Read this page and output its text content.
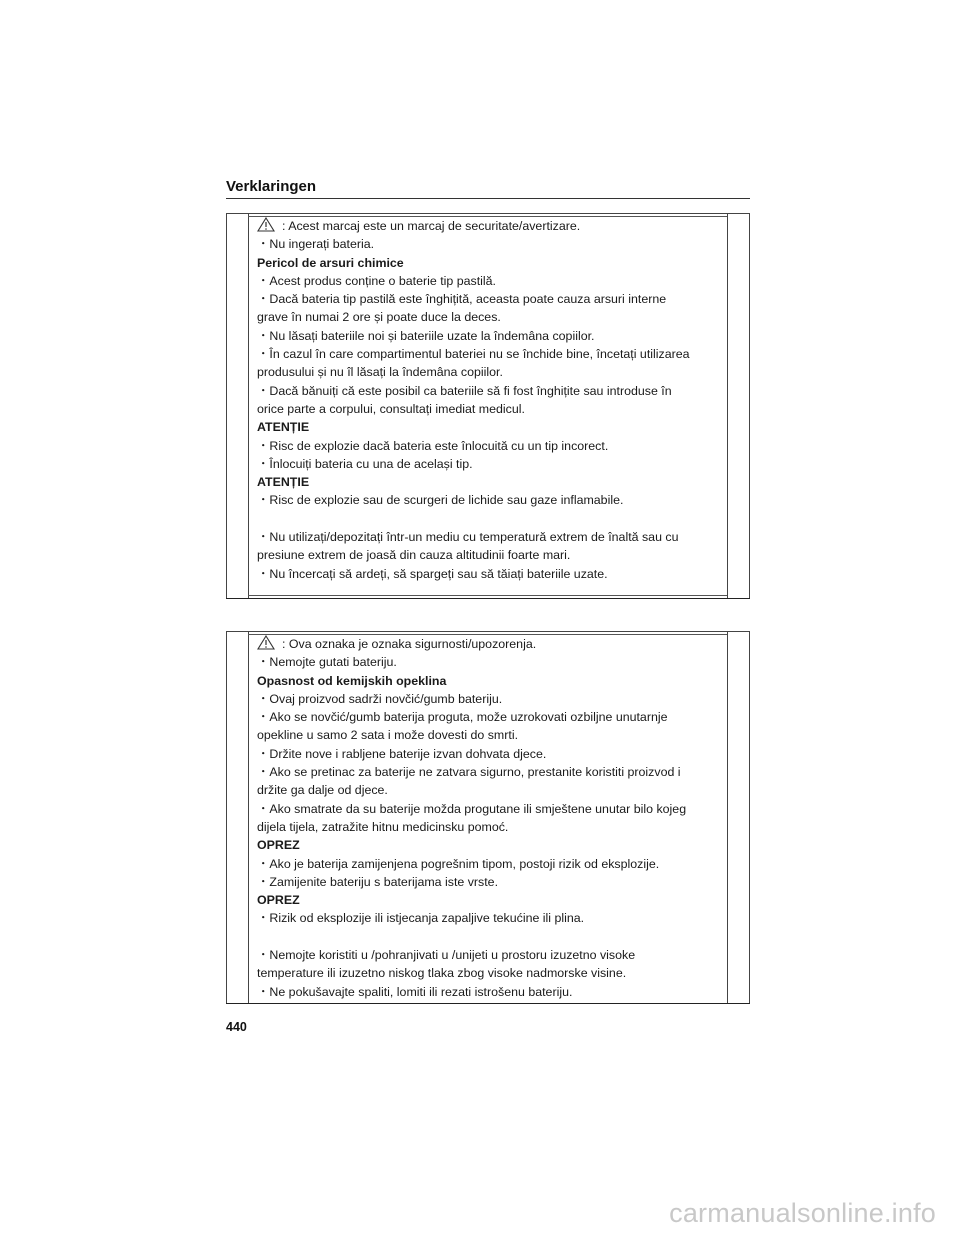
Verklaringen
: Acest marcaj este un marcaj de securitate/avertizare.
・Nu ingerați bateria.
Pericol de arsuri chimice
・Acest produs conține o baterie tip pastilă.
・Dacă bateria tip pastilă este înghițită, aceasta poate cauza arsuri interne
grave în numai 2 ore și poate duce la deces.
・Nu lăsați bateriile noi și bateriile uzate la îndemâna copiilor.
・În cazul în care compartimentul bateriei nu se închide bine, încetați utilizarea
produsului și nu îl lăsați la îndemâna copiilor.
・Dacă bănuiți că este posibil ca bateriile să fi fost înghițite sau introduse în
orice parte a corpului, consultați imediat medicul.
ATENȚIE
・Risc de explozie dacă bateria este înlocuită cu un tip incorect.
・Înlocuiți bateria cu una de același tip.
ATENȚIE
・Risc de explozie sau de scurgeri de lichide sau gaze inflamabile.
・Nu utilizați/depozitați într-un mediu cu temperatură extrem de înaltă sau cu
presiune extrem de joasă din cauza altitudinii foarte mari.
・Nu încercați să ardeți, să spargeți sau să tăiați bateriile uzate.
: Ova oznaka je oznaka sigurnosti/upozorenja.
・Nemojte gutati bateriju.
Opasnost od kemijskih opeklina
・Ovaj proizvod sadrži novčić/gumb bateriju.
・Ako se novčić/gumb baterija proguta, može uzrokovati ozbiljne unutarnje
opekline u samo 2 sata i može dovesti do smrti.
・Držite nove i rabljene baterije izvan dohvata djece.
・Ako se pretinac za baterije ne zatvara sigurno, prestanite koristiti proizvod i
držite ga dalje od djece.
・Ako smatrate da su baterije možda progutane ili smještene unutar bilo kojeg
dijela tijela, zatražite hitnu medicinsku pomoć.
OPREZ
・Ako je baterija zamijenjena pogrešnim tipom, postoji rizik od eksplozije.
・Zamijenite bateriju s baterijama iste vrste.
OPREZ
・Rizik od eksplozije ili istjecanja zapaljive tekućine ili plina.
・Nemojte koristiti u /pohranjivati u /unijeti u prostoru izuzetno visoke
temperature ili izuzetno niskog tlaka zbog visoke nadmorske visine.
・Ne pokušavajte spaliti, lomiti ili rezati istrošenu bateriju.
440
carmanualsonline.info
